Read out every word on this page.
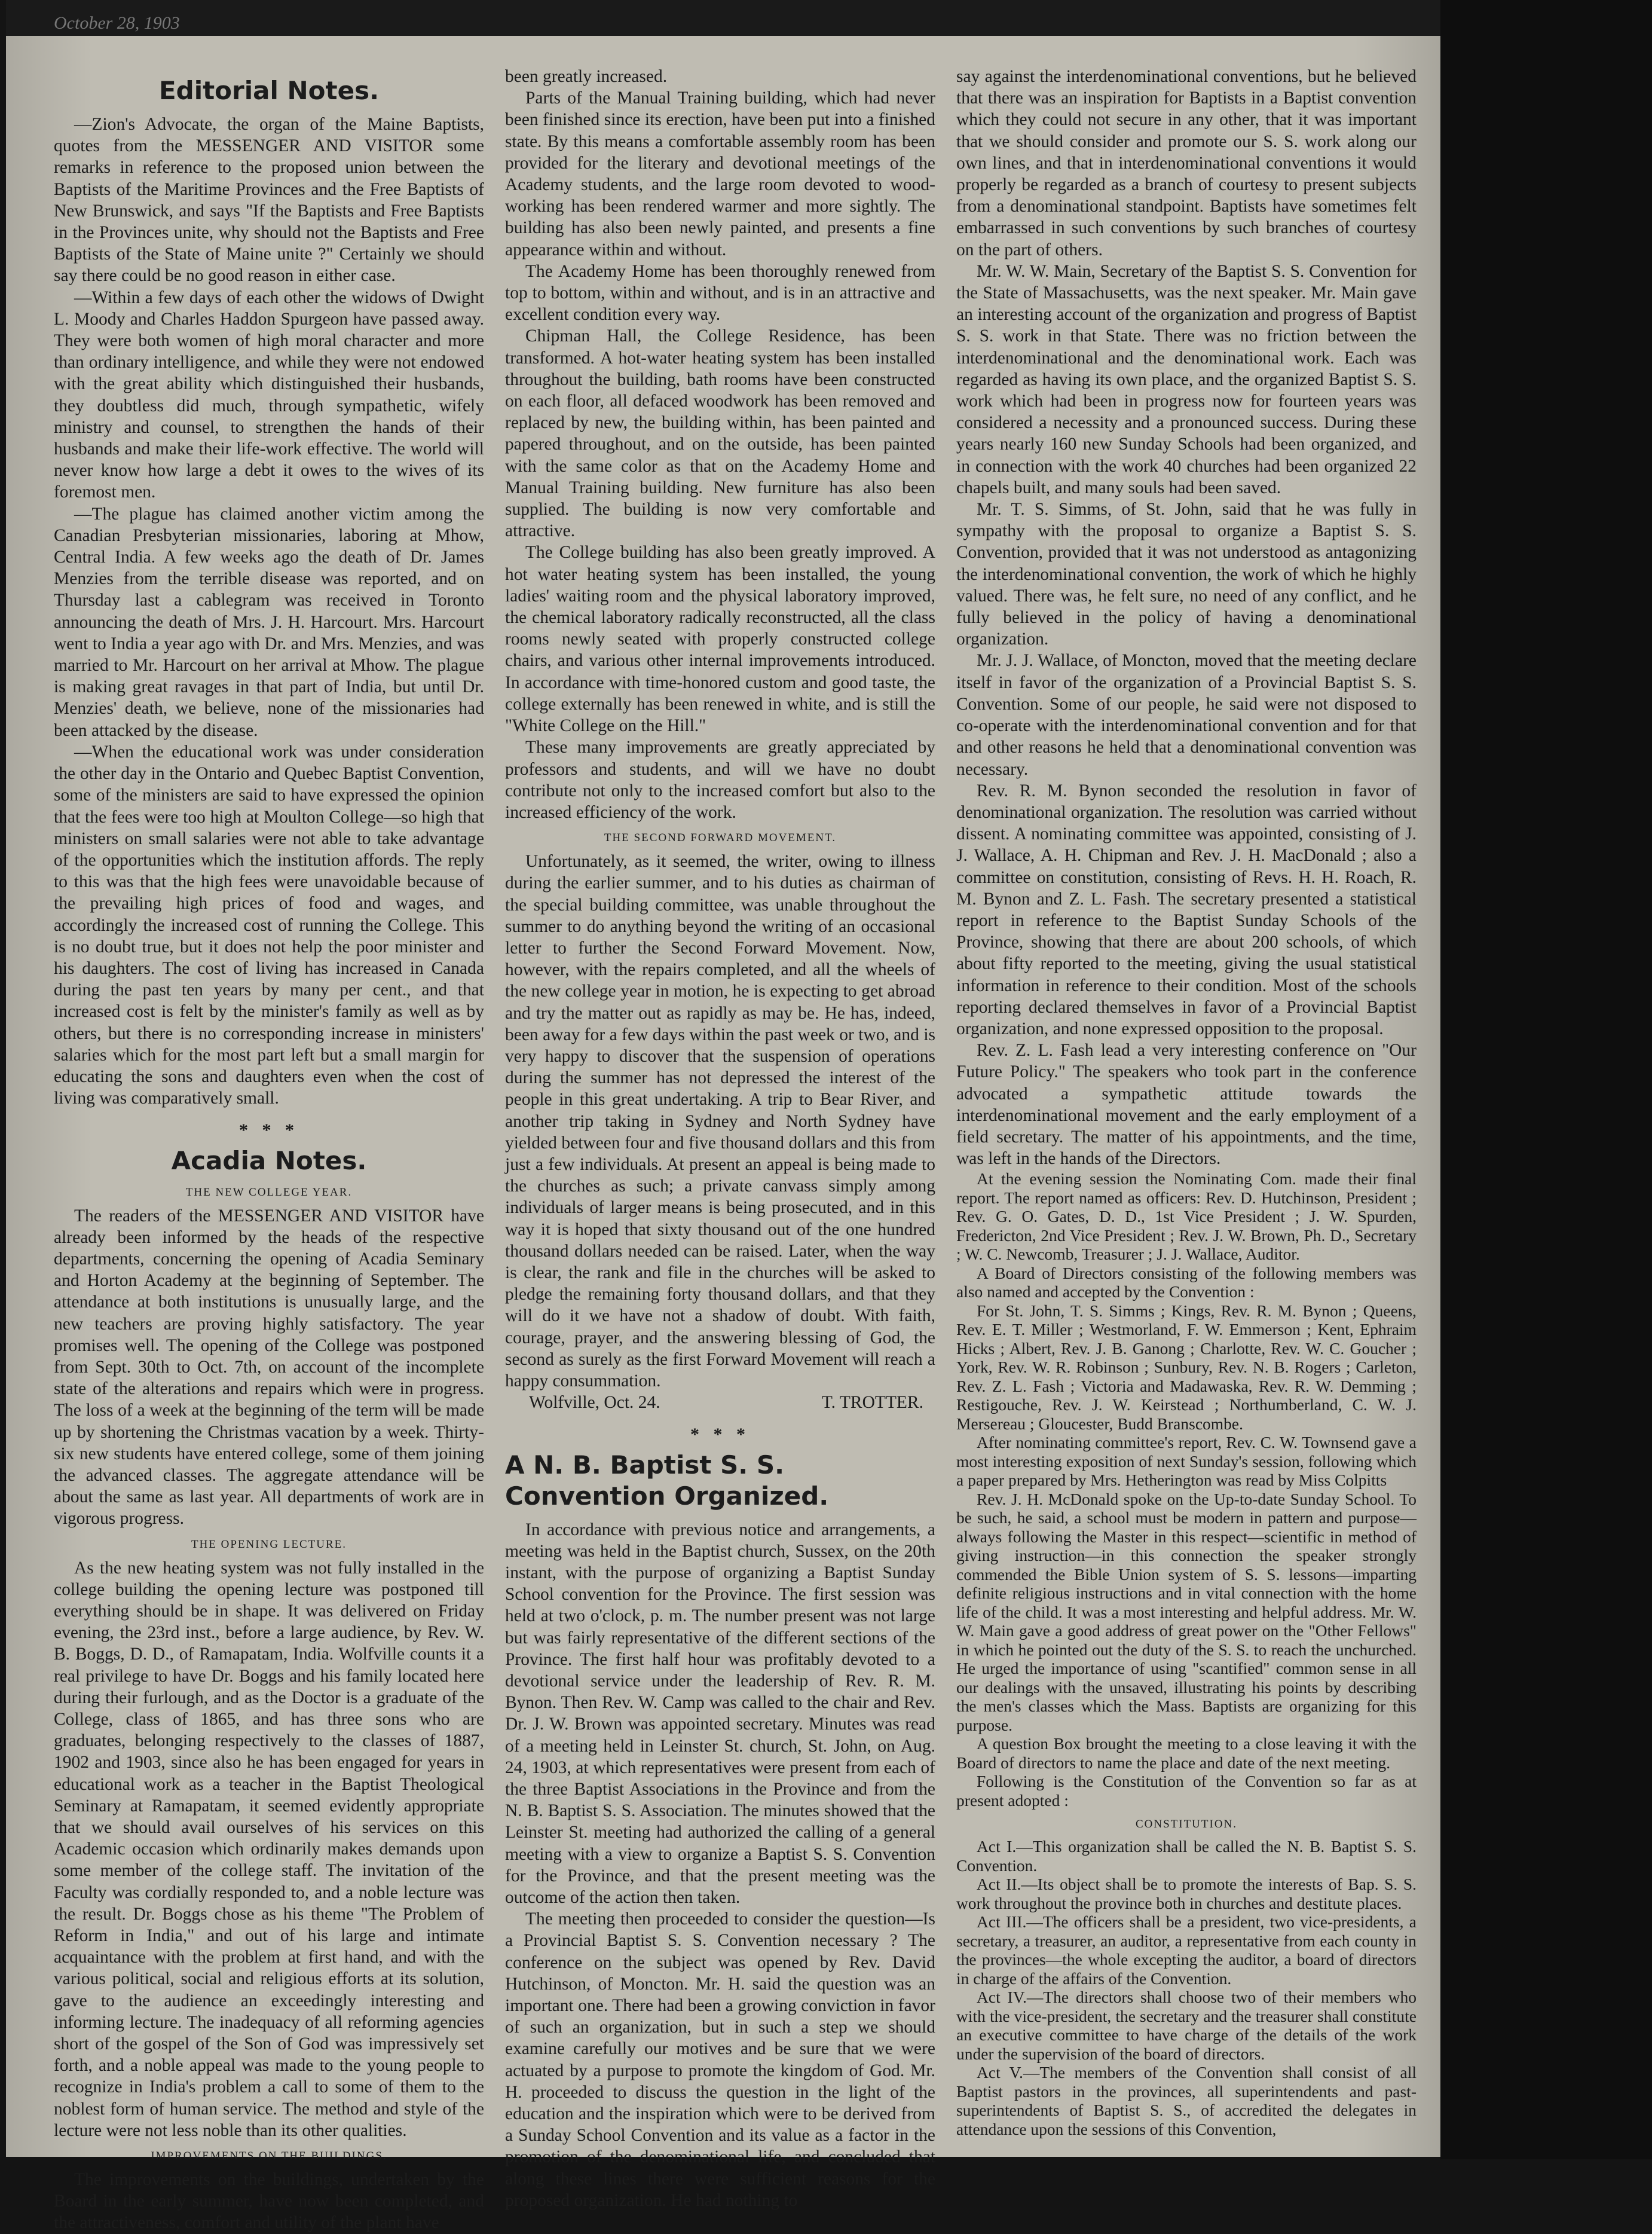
October 28, 1903
Editorial Notes.

—Zion's Advocate, the organ of the Maine Baptists, quotes from the MESSENGER AND VISITOR some remarks in reference to the proposed union between the Baptists of the Maritime Provinces and the Free Baptists of New Brunswick, and says "If the Baptists and Free Baptists in the Provinces unite, why should not the Baptists and Free Baptists of the State of Maine unite ?" Certainly we should say there could be no good reason in either case.

—Within a few days of each other the widows of Dwight L. Moody and Charles Haddon Spurgeon have passed away. They were both women of high moral character and more than ordinary intelligence, and while they were not endowed with the great ability which distinguished their husbands, they doubtless did much, through sympathetic, wifely ministry and counsel, to strengthen the hands of their husbands and make their life-work effective. The world will never know how large a debt it owes to the wives of its foremost men.

—The plague has claimed another victim among the Canadian Presbyterian missionaries, laboring at Mhow, Central India. A few weeks ago the death of Dr. James Menzies from the terrible disease was reported, and on Thursday last a cablegram was received in Toronto announcing the death of Mrs. J. H. Harcourt. Mrs. Harcourt went to India a year ago with Dr. and Mrs. Menzies, and was married to Mr. Harcourt on her arrival at Mhow. The plague is making great ravages in that part of India, but until Dr. Menzies' death, we believe, none of the missionaries had been attacked by the disease.

—When the educational work was under consideration the other day in the Ontario and Quebec Baptist Convention, some of the ministers are said to have expressed the opinion that the fees were too high at Moulton College—so high that ministers on small salaries were not able to take advantage of the opportunities which the institution affords. The reply to this was that the high fees were unavoidable because of the prevailing high prices of food and wages, and accordingly the increased cost of running the College. This is no doubt true, but it does not help the poor minister and his daughters. The cost of living has increased in Canada during the past ten years by many per cent., and that increased cost is felt by the minister's family as well as by others, but there is no corresponding increase in ministers' salaries which for the most part left but a small margin for educating the sons and daughters even when the cost of living was comparatively small.

* * *
Acadia Notes.
THE NEW COLLEGE YEAR.

The readers of the MESSENGER AND VISITOR have already been informed by the heads of the respective departments, concerning the opening of Acadia Seminary and Horton Academy at the beginning of September. The attendance at both institutions is unusually large, and the new teachers are proving highly satisfactory. The year promises well. The opening of the College was postponed from Sept. 30th to Oct. 7th, on account of the incomplete state of the alterations and repairs which were in progress. The loss of a week at the beginning of the term will be made up by shortening the Christmas vacation by a week. Thirty-six new students have entered college, some of them joining the advanced classes. The aggregate attendance will be about the same as last year. All departments of work are in vigorous progress.

THE OPENING LECTURE.

As the new heating system was not fully installed in the college building the opening lecture was postponed till everything should be in shape. It was delivered on Friday evening, the 23rd inst., before a large audience, by Rev. W. B. Boggs, D. D., of Ramapatam, India. Wolfville counts it a real privilege to have Dr. Boggs and his family located here during their furlough, and as the Doctor is a graduate of the College, class of 1865, and has three sons who are graduates, belonging respectively to the classes of 1887, 1902 and 1903, since also he has been engaged for years in educational work as a teacher in the Baptist Theological Seminary at Ramapatam, it seemed evidently appropriate that we should avail ourselves of his services on this Academic occasion which ordinarily makes demands upon some member of the college staff. The invitation of the Faculty was cordially responded to, and a noble lecture was the result. Dr. Boggs chose as his theme "The Problem of Reform in India," and out of his large and intimate acquaintance with the problem at first hand, and with the various political, social and religious efforts at its solution, gave to the audience an exceedingly interesting and informing lecture. The inadequacy of all reforming agencies short of the gospel of the Son of God was impressively set forth, and a noble appeal was made to the young people to recognize in India's problem a call to some of them to the noblest form of human service. The method and style of the lecture were not less noble than its other qualities.

IMPROVEMENTS ON THE BUILDINGS.

The improvements on the buildings, undertaken by the Board in the early summer, have now been completed, and the attractiveness, comfort and utility of the plant have

been greatly increased.

Parts of the Manual Training building, which had never been finished since its erection, have been put into a finished state. By this means a comfortable assembly room has been provided for the literary and devotional meetings of the Academy students, and the large room devoted to wood-working has been rendered warmer and more sightly. The building has also been newly painted, and presents a fine appearance within and without.

The Academy Home has been thoroughly renewed from top to bottom, within and without, and is in an attractive and excellent condition every way.

Chipman Hall, the College Residence, has been transformed. A hot-water heating system has been installed throughout the building, bath rooms have been constructed on each floor, all defaced woodwork has been removed and replaced by new, the building within, has been painted and papered throughout, and on the outside, has been painted with the same color as that on the Academy Home and Manual Training building. New furniture has also been supplied. The building is now very comfortable and attractive.

The College building has also been greatly improved. A hot water heating system has been installed, the young ladies' waiting room and the physical laboratory improved, the chemical laboratory radically reconstructed, all the class rooms newly seated with properly constructed college chairs, and various other internal improvements introduced. In accordance with time-honored custom and good taste, the college externally has been renewed in white, and is still the "White College on the Hill."

These many improvements are greatly appreciated by professors and students, and will we have no doubt contribute not only to the increased comfort but also to the increased efficiency of the work.

THE SECOND FORWARD MOVEMENT.

Unfortunately, as it seemed, the writer, owing to illness during the earlier summer, and to his duties as chairman of the special building committee, was unable throughout the summer to do anything beyond the writing of an occasional letter to further the Second Forward Movement. Now, however, with the repairs completed, and all the wheels of the new college year in motion, he is expecting to get abroad and try the matter out as rapidly as may be. He has, indeed, been away for a few days within the past week or two, and is very happy to discover that the suspension of operations during the summer has not depressed the interest of the people in this great undertaking. A trip to Bear River, and another trip taking in Sydney and North Sydney have yielded between four and five thousand dollars and this from just a few individuals. At present an appeal is being made to the churches as such; a private canvass simply among individuals of larger means is being prosecuted, and in this way it is hoped that sixty thousand out of the one hundred thousand dollars needed can be raised. Later, when the way is clear, the rank and file in the churches will be asked to pledge the remaining forty thousand dollars, and that they will do it we have not a shadow of doubt. With faith, courage, prayer, and the answering blessing of God, the second as surely as the first Forward Movement will reach a happy consummation.

Wolfville, Oct. 24.	T. TROTTER.

* * *
A N. B. Baptist S. S. Convention Organized.

In accordance with previous notice and arrangements, a meeting was held in the Baptist church, Sussex, on the 20th instant, with the purpose of organizing a Baptist Sunday School convention for the Province. The first session was held at two o'clock, p. m. The number present was not large but was fairly representative of the different sections of the Province. The first half hour was profitably devoted to a devotional service under the leadership of Rev. R. M. Bynon. Then Rev. W. Camp was called to the chair and Rev. Dr. J. W. Brown was appointed secretary. Minutes was read of a meeting held in Leinster St. church, St. John, on Aug. 24, 1903, at which representatives were present from each of the three Baptist Associations in the Province and from the N. B. Baptist S. S. Association. The minutes showed that the Leinster St. meeting had authorized the calling of a general meeting with a view to organize a Baptist S. S. Convention for the Province, and that the present meeting was the outcome of the action then taken.

The meeting then proceeded to consider the question—Is a Provincial Baptist S. S. Convention necessary ? The conference on the subject was opened by Rev. David Hutchinson, of Moncton. Mr. H. said the question was an important one. There had been a growing conviction in favor of such an organization, but in such a step we should examine carefully our motives and be sure that we were actuated by a purpose to promote the kingdom of God. Mr. H. proceeded to discuss the question in the light of the education and the inspiration which were to be derived from a Sunday School Convention and its value as a factor in the promotion of the denominational life, and concluded that along these lines there were sufficient reasons for the proposed organization. He had nothing to

say against the interdenominational conventions, but he believed that there was an inspiration for Baptists in a Baptist convention which they could not secure in any other, that it was important that we should consider and promote our S. S. work along our own lines, and that in interdenominational conventions it would properly be regarded as a branch of courtesy to present subjects from a denominational standpoint. Baptists have sometimes felt embarrassed in such conventions by such branches of courtesy on the part of others.

Mr. W. W. Main, Secretary of the Baptist S. S. Convention for the State of Massachusetts, was the next speaker. Mr. Main gave an interesting account of the organization and progress of Baptist S. S. work in that State. There was no friction between the interdenominational and the denominational work. Each was regarded as having its own place, and the organized Baptist S. S. work which had been in progress now for fourteen years was considered a necessity and a pronounced success. During these years nearly 160 new Sunday Schools had been organized, and in connection with the work 40 churches had been organized 22 chapels built, and many souls had been saved.

Mr. T. S. Simms, of St. John, said that he was fully in sympathy with the proposal to organize a Baptist S. S. Convention, provided that it was not understood as antagonizing the interdenominational convention, the work of which he highly valued. There was, he felt sure, no need of any conflict, and he fully believed in the policy of having a denominational organization.

Mr. J. J. Wallace, of Moncton, moved that the meeting declare itself in favor of the organization of a Provincial Baptist S. S. Convention. Some of our people, he said were not disposed to co-operate with the interdenominational convention and for that and other reasons he held that a denominational convention was necessary.

Rev. R. M. Bynon seconded the resolution in favor of denominational organization. The resolution was carried without dissent. A nominating committee was appointed, consisting of J. J. Wallace, A. H. Chipman and Rev. J. H. MacDonald ; also a committee on constitution, consisting of Revs. H. H. Roach, R. M. Bynon and Z. L. Fash. The secretary presented a statistical report in reference to the Baptist Sunday Schools of the Province, showing that there are about 200 schools, of which about fifty reported to the meeting, giving the usual statistical information in reference to their condition. Most of the schools reporting declared themselves in favor of a Provincial Baptist organization, and none expressed opposition to the proposal.

Rev. Z. L. Fash lead a very interesting conference on "Our Future Policy." The speakers who took part in the conference advocated a sympathetic attitude towards the interdenominational movement and the early employment of a field secretary. The matter of his appointments, and the time, was left in the hands of the Directors.

At the evening session the Nominating Com. made their final report. The report named as officers: Rev. D. Hutchinson, President ; Rev. G. O. Gates, D. D., 1st Vice President ; J. W. Spurden, Fredericton, 2nd Vice President ; Rev. J. W. Brown, Ph. D., Secretary ; W. C. Newcomb, Treasurer ; J. J. Wallace, Auditor.

A Board of Directors consisting of the following members was also named and accepted by the Convention :

For St. John, T. S. Simms ; Kings, Rev. R. M. Bynon ; Queens, Rev. E. T. Miller ; Westmorland, F. W. Emmerson ; Kent, Ephraim Hicks ; Albert, Rev. J. B. Ganong ; Charlotte, Rev. W. C. Goucher ; York, Rev. W. R. Robinson ; Sunbury, Rev. N. B. Rogers ; Carleton, Rev. Z. L. Fash ; Victoria and Madawaska, Rev. R. W. Demming ; Restigouche, Rev. J. W. Keirstead ; Northumberland, C. W. J. Mersereau ; Gloucester, Budd Branscombe.

After nominating committee's report, Rev. C. W. Townsend gave a most interesting exposition of next Sunday's session, following which a paper prepared by Mrs. Hetherington was read by Miss Colpitts

Rev. J. H. McDonald spoke on the Up-to-date Sunday School. To be such, he said, a school must be modern in pattern and purpose—always following the Master in this respect—scientific in method of giving instruction—in this connection the speaker strongly commended the Bible Union system of S. S. lessons—imparting definite religious instructions and in vital connection with the home life of the child. It was a most interesting and helpful address. Mr. W. W. Main gave a good address of great power on the "Other Fellows" in which he pointed out the duty of the S. S. to reach the unchurched. He urged the importance of using "scantified" common sense in all our dealings with the unsaved, illustrating his points by describing the men's classes which the Mass. Baptists are organizing for this purpose.

A question Box brought the meeting to a close leaving it with the Board of directors to name the place and date of the next meeting.

Following is the Constitution of the Convention so far as at present adopted :

CONSTITUTION.

Act I.—This organization shall be called the N. B. Baptist S. S. Convention.

Act II.—Its object shall be to promote the interests of Bap. S. S. work throughout the province both in churches and destitute places.

Act III.—The officers shall be a president, two vice-presidents, a secretary, a treasurer, an auditor, a representative from each county in the provinces—the whole excepting the auditor, a board of directors in charge of the affairs of the Convention.

Act IV.—The directors shall choose two of their members who with the vice-president, the secretary and the treasurer shall constitute an executive committee to have charge of the details of the work under the supervision of the board of directors.

Act V.—The members of the Convention shall consist of all Baptist pastors in the provinces, all superintendents and past-superintendents of Baptist S. S., of accredited the delegates in attendance upon the sessions of this Convention,
